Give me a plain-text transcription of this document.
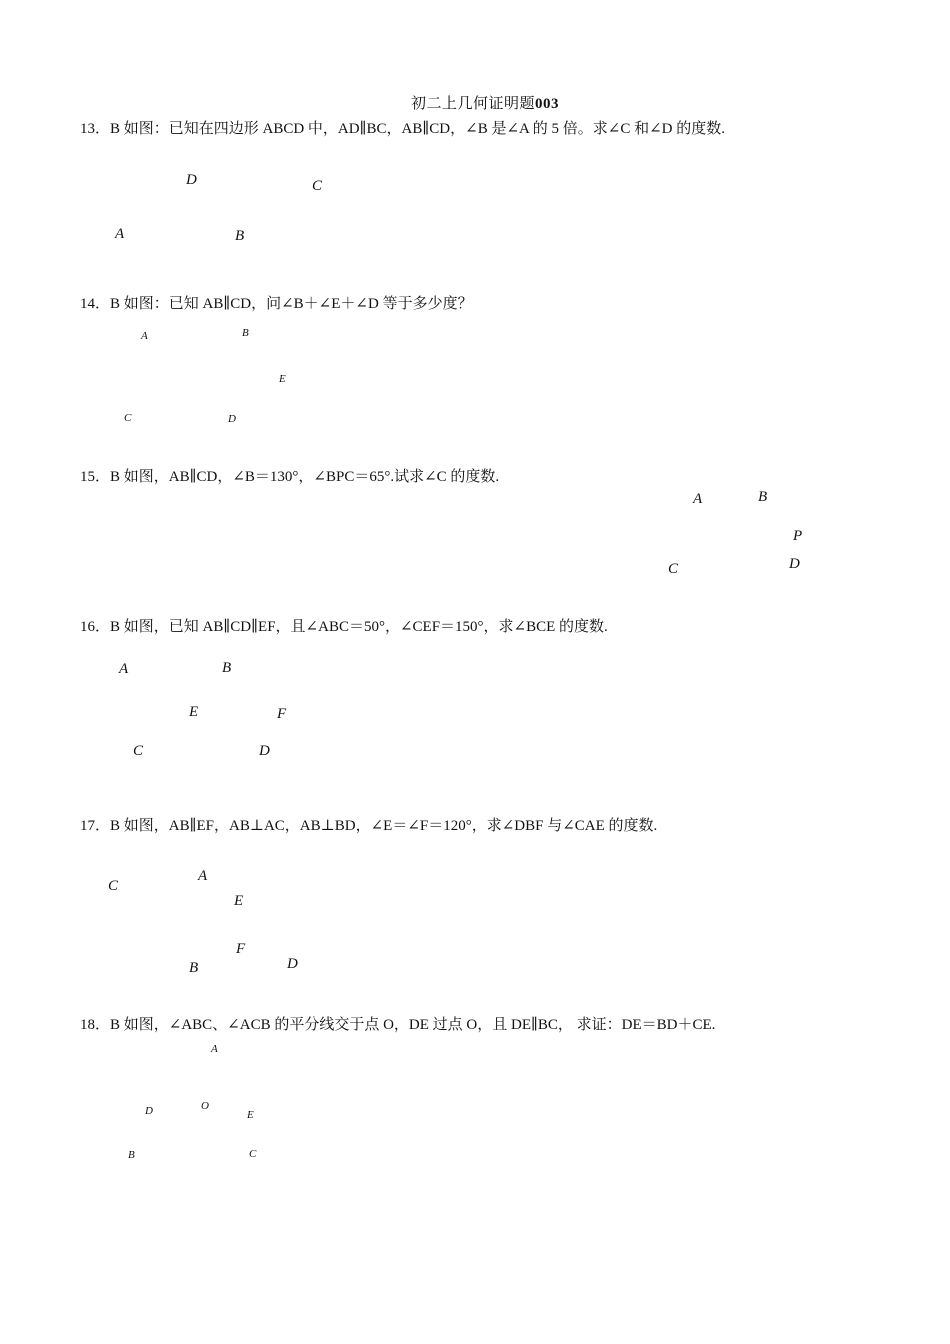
初二上几何证明题003
13．B 如图：已知在四边形 ABCD 中，AD∥BC，AB∥CD，∠B 是∠A 的 5 倍。求∠C 和∠D 的度数.
D	C
A	B
14．B 如图：已知 AB∥CD，问∠B＋∠E＋∠D 等于多少度？
A	B
E
C	D
15．B 如图，AB∥CD，∠B＝130°，∠BPC＝65°.试求∠C 的度数.
A	B
P
C	D
16．B 如图，已知 AB∥CD∥EF，且∠ABC＝50°，∠CEF＝150°，求∠BCE 的度数.
A	B
E	F
C	D
17．B 如图，AB∥EF，AB⊥AC，AB⊥BD，∠E＝∠F＝120°，求∠DBF 与∠CAE 的度数.
C
A
E
F
B	D
18．B 如图，∠ABC、∠ACB 的平分线交于点 O，DE 过点 O，且 DE∥BC， 求证：DE＝BD＋CE.
A
D	O
E
B	C
